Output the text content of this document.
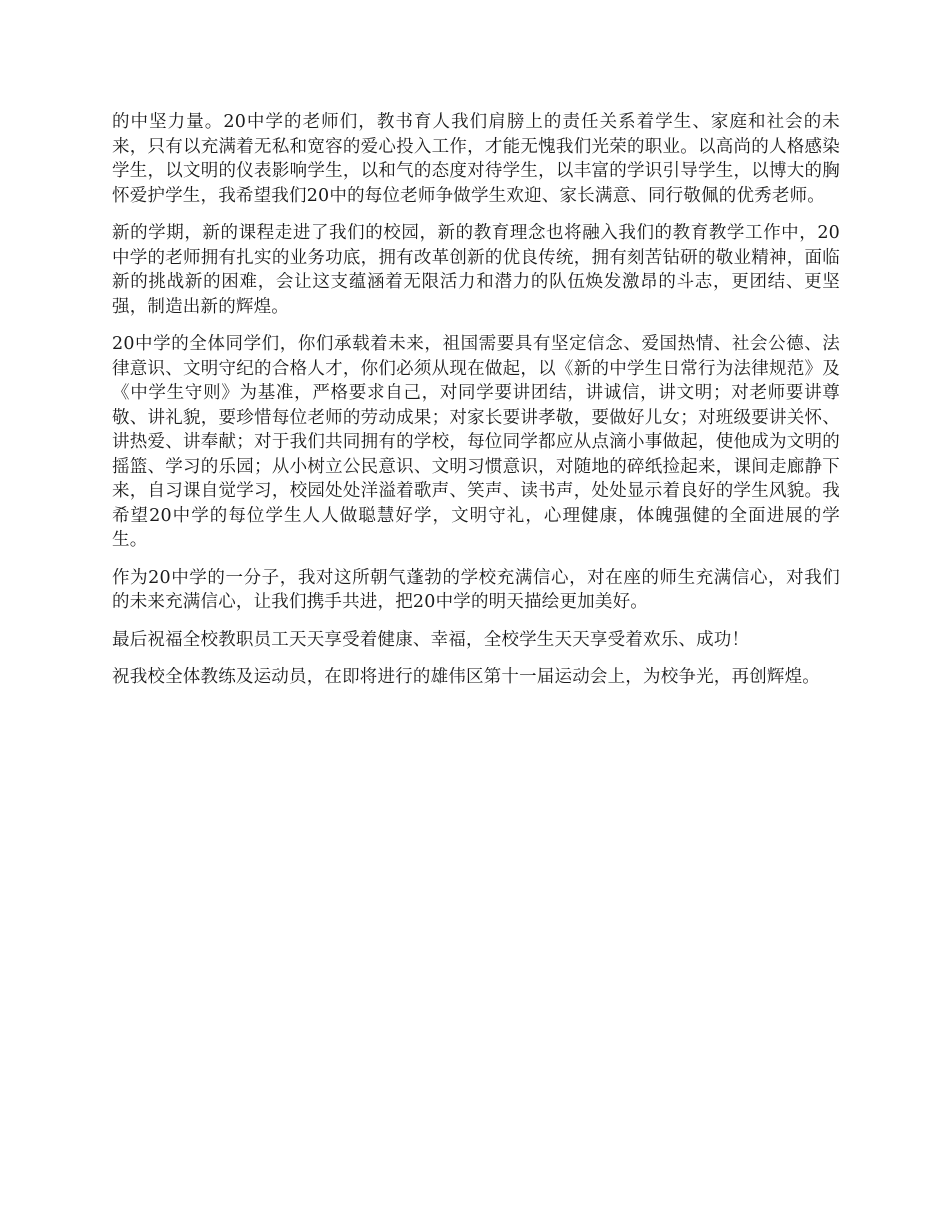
的中坚力量。20中学的老师们，教书育人我们肩膀上的责任关系着学生、家庭和社会的未来，只有以充满着无私和宽容的爱心投入工作，才能无愧我们光荣的职业。以高尚的人格感染学生，以文明的仪表影响学生，以和气的态度对待学生，以丰富的学识引导学生，以博大的胸怀爱护学生，我希望我们20中的每位老师争做学生欢迎、家长满意、同行敬佩的优秀老师。

新的学期，新的课程走进了我们的校园，新的教育理念也将融入我们的教育教学工作中，20中学的老师拥有扎实的业务功底，拥有改革创新的优良传统，拥有刻苦钻研的敬业精神，面临新的挑战新的困难，会让这支蕴涵着无限活力和潜力的队伍焕发激昂的斗志，更团结、更坚强，制造出新的辉煌。

20中学的全体同学们，你们承载着未来，祖国需要具有坚定信念、爱国热情、社会公德、法律意识、文明守纪的合格人才，你们必须从现在做起，以《新的中学生日常行为法律规范》及《中学生守则》为基准，严格要求自己，对同学要讲团结，讲诚信，讲文明；对老师要讲尊敬、讲礼貌，要珍惜每位老师的劳动成果；对家长要讲孝敬，要做好儿女；对班级要讲关怀、讲热爱、讲奉献；对于我们共同拥有的学校，每位同学都应从点滴小事做起，使他成为文明的摇篮、学习的乐园；从小树立公民意识、文明习惯意识，对随地的碎纸捡起来，课间走廊静下来，自习课自觉学习，校园处处洋溢着歌声、笑声、读书声，处处显示着良好的学生风貌。我希望20中学的每位学生人人做聪慧好学，文明守礼，心理健康，体魄强健的全面进展的学生。

作为20中学的一分子，我对这所朝气蓬勃的学校充满信心，对在座的师生充满信心，对我们的未来充满信心，让我们携手共进，把20中学的明天描绘更加美好。

最后祝福全校教职员工天天享受着健康、幸福，全校学生天天享受着欢乐、成功！

祝我校全体教练及运动员，在即将进行的雄伟区第十一届运动会上，为校争光，再创辉煌。
